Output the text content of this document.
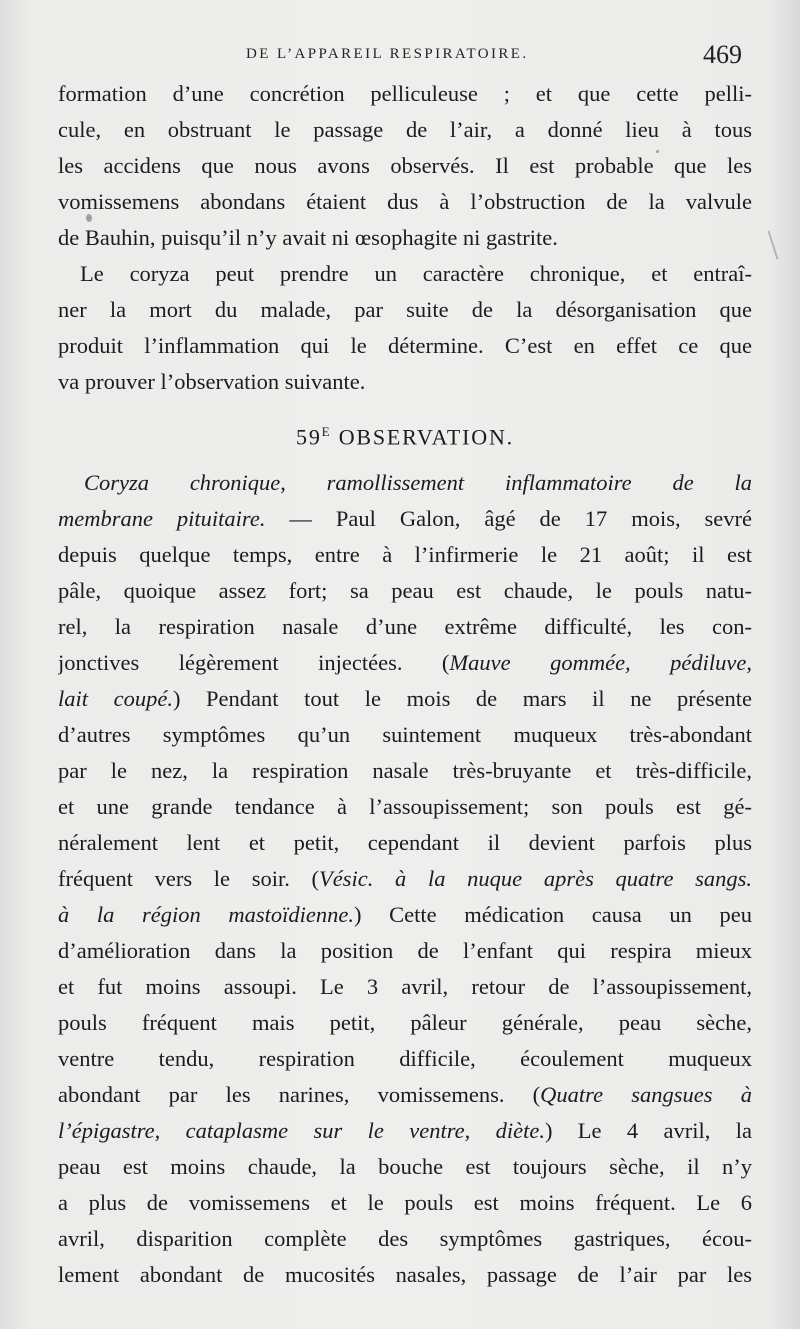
DE L’APPAREIL RESPIRATOIRE.	469
formation d’une concrétion pelliculeuse ; et que cette pelli-
cule, en obstruant le passage de l’air, a donné lieu à tous
les accidens que nous avons observés. Il est probable que les
vomissemens abondans étaient dus à l’obstruction de la valvule
de Bauhin, puisqu’il n’y avait ni œsophagite ni gastrite.
Le coryza peut prendre un caractère chronique, et entraî-
ner la mort du malade, par suite de la désorganisation que
produit l’inflammation qui le détermine. C’est en effet ce que
va prouver l’observation suivante.
$59^E$ OBSERVATION.
Coryza chronique, ramollissement inflammatoire de la
membrane pituitaire. — Paul Galon, âgé de 17 mois, sevré
depuis quelque temps, entre à l’infirmerie le 21 août; il est
pâle, quoique assez fort; sa peau est chaude, le pouls natu-
rel, la respiration nasale d’une extrême difficulté, les con-
jonctives légèrement injectées. (Mauve gommée, pédiluve,
lait coupé.) Pendant tout le mois de mars il ne présente
d’autres symptômes qu’un suintement muqueux très-abondant
par le nez, la respiration nasale très-bruyante et très-difficile,
et une grande tendance à l’assoupissement; son pouls est gé-
néralement lent et petit, cependant il devient parfois plus
fréquent vers le soir. (Vésic. à la nuque après quatre sangs.
à la région mastoïdienne.) Cette médication causa un peu
d’amélioration dans la position de l’enfant qui respira mieux
et fut moins assoupi. Le 3 avril, retour de l’assoupissement,
pouls fréquent mais petit, pâleur générale, peau sèche,
ventre tendu, respiration difficile, écoulement muqueux
abondant par les narines, vomissemens. (Quatre sangsues à
l’épigastre, cataplasme sur le ventre, diète.) Le 4 avril, la
peau est moins chaude, la bouche est toujours sèche, il n’y
a plus de vomissemens et le pouls est moins fréquent. Le 6
avril, disparition complète des symptômes gastriques, écou-
lement abondant de mucosités nasales, passage de l’air par les
